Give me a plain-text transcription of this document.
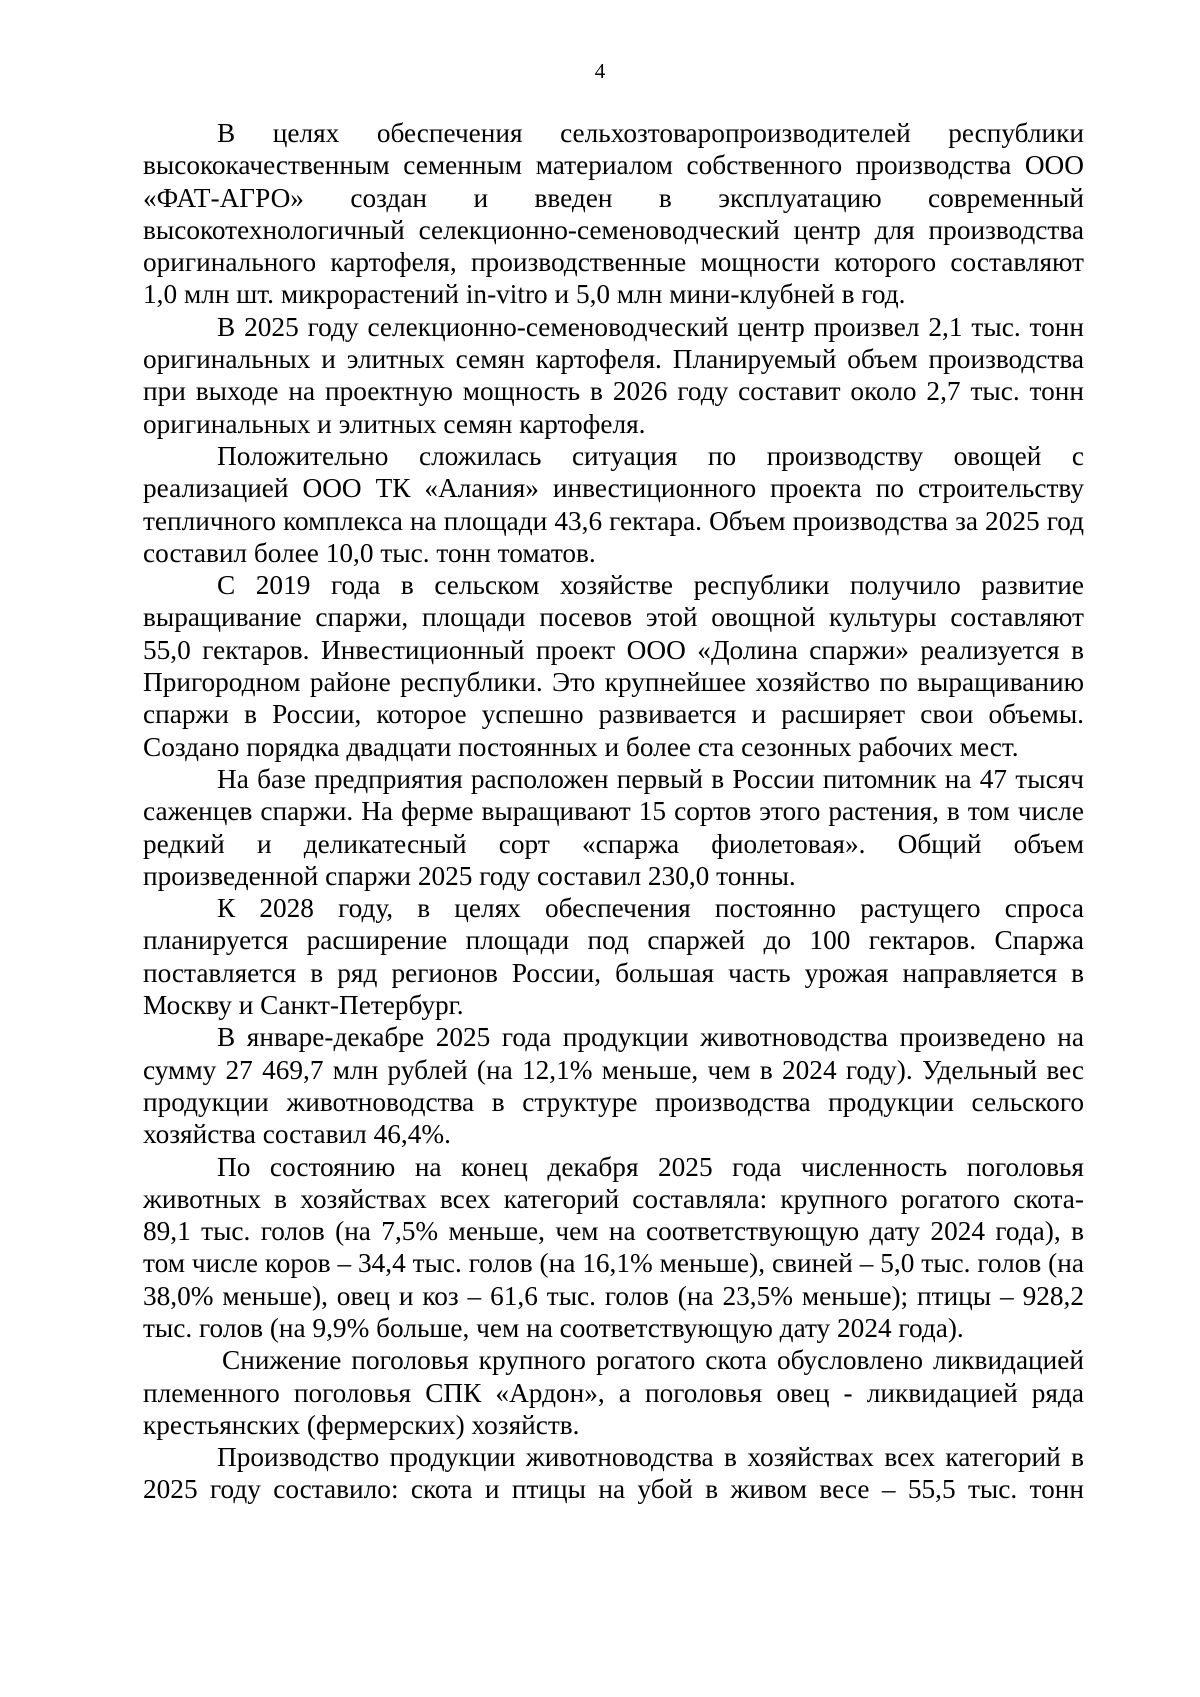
4

В целях обеспечения сельхозтоваропроизводителей республики высококачественным семенным материалом собственного производства ООО «ФАТ-АГРО» создан и введен в эксплуатацию современный высокотехнологичный селекционно-семеноводческий центр для производства оригинального картофеля, производственные мощности которого составляют 1,0 млн шт. микрорастений in-vitro и 5,0 млн мини-клубней в год.

В 2025 году селекционно-семеноводческий центр произвел 2,1 тыс. тонн оригинальных и элитных семян картофеля. Планируемый объем производства при выходе на проектную мощность в 2026 году составит около 2,7 тыс. тонн оригинальных и элитных семян картофеля.

Положительно сложилась ситуация по производству овощей с реализацией ООО ТК «Алания» инвестиционного проекта по строительству тепличного комплекса на площади 43,6 гектара. Объем производства за 2025 год составил более 10,0 тыс. тонн томатов.

С 2019 года в сельском хозяйстве республики получило развитие выращивание спаржи, площади посевов этой овощной культуры составляют 55,0 гектаров. Инвестиционный проект ООО «Долина спаржи» реализуется в Пригородном районе республики. Это крупнейшее хозяйство по выращиванию спаржи в России, которое успешно развивается и расширяет свои объемы. Создано порядка двадцати постоянных и более ста сезонных рабочих мест.

На базе предприятия расположен первый в России питомник на 47 тысяч саженцев спаржи. На ферме выращивают 15 сортов этого растения, в том числе редкий и деликатесный сорт «спаржа фиолетовая». Общий объем произведенной спаржи 2025 году составил 230,0 тонны.

К 2028 году, в целях обеспечения постоянно растущего спроса планируется расширение площади под спаржей до 100 гектаров. Спаржа поставляется в ряд регионов России, большая часть урожая направляется в Москву и Санкт-Петербург.

В январе-декабре 2025 года продукции животноводства произведено на сумму 27 469,7 млн рублей (на 12,1% меньше, чем в 2024 году). Удельный вес продукции животноводства в структуре производства продукции сельского хозяйства составил 46,4%.

По состоянию на конец декабря 2025 года численность поголовья животных в хозяйствах всех категорий составляла: крупного рогатого скота- 89,1 тыс. голов (на 7,5% меньше, чем на соответствующую дату 2024 года), в том числе коров – 34,4 тыс. голов (на 16,1% меньше), свиней – 5,0 тыс. голов (на 38,0% меньше), овец и коз – 61,6 тыс. голов (на 23,5% меньше); птицы – 928,2 тыс. голов (на 9,9% больше, чем на соответствующую дату 2024 года).

Снижение поголовья крупного рогатого скота обусловлено ликвидацией племенного поголовья СПК «Ардон», а поголовья овец - ликвидацией ряда крестьянских (фермерских) хозяйств.

Производство продукции животноводства в хозяйствах всех категорий в 2025 году составило: скота и птицы на убой в живом весе – 55,5 тыс. тонн
